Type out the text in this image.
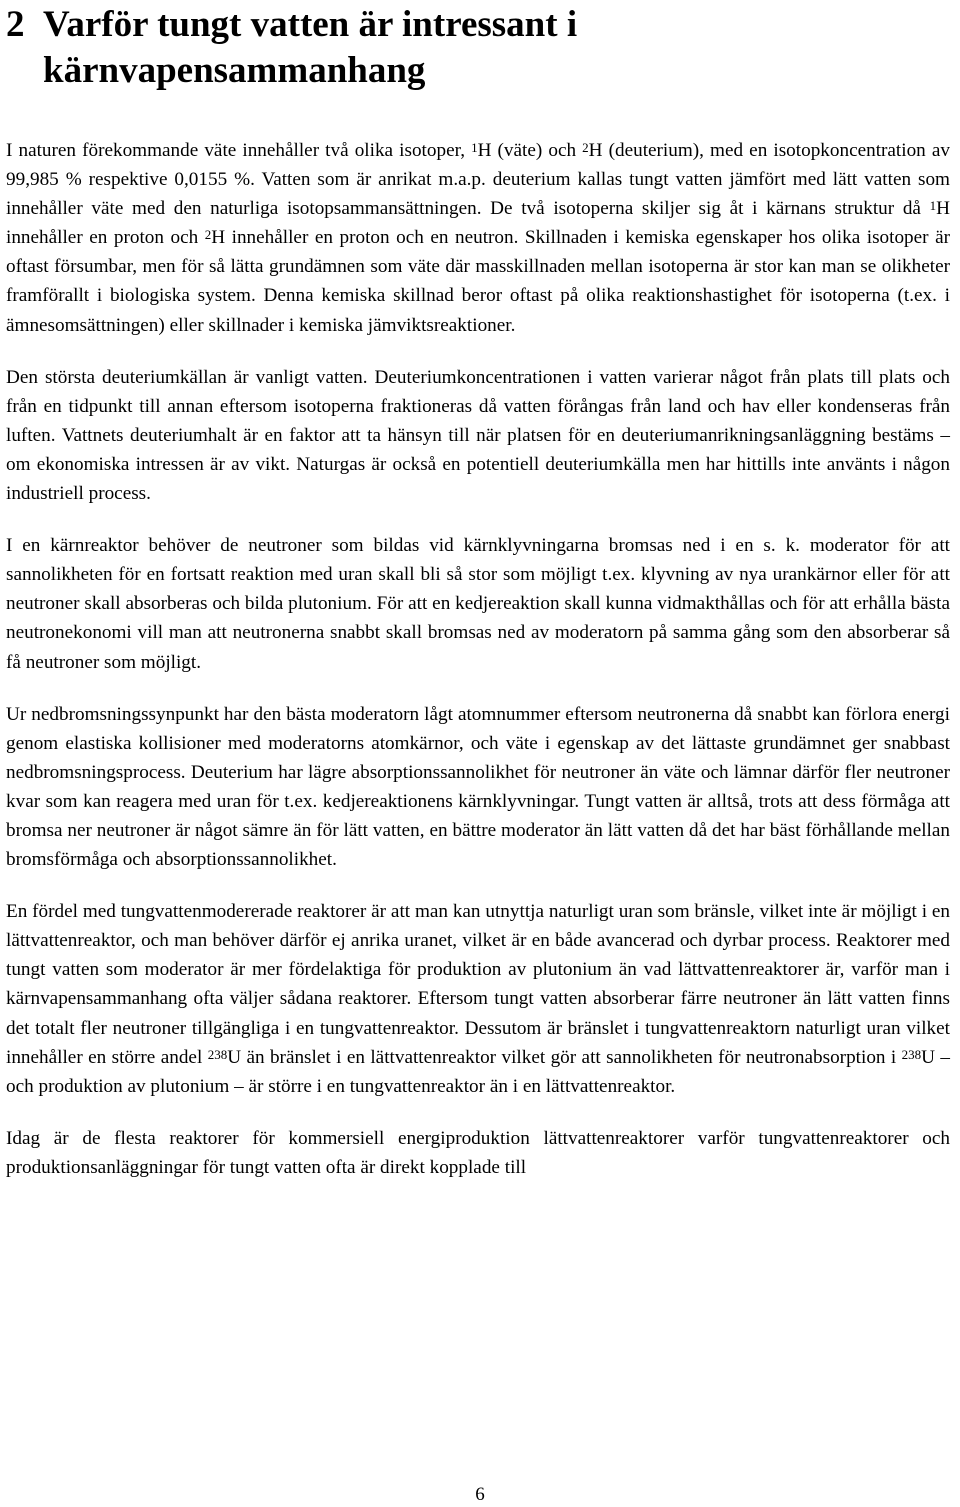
2 Varför tungt vatten är intressant i
kärnvapensammanhang

I naturen förekommande väte innehåller två olika isotoper, $^1$H (väte) och $^2$H (deuterium), med en isotopkoncentration av 99,985 % respektive 0,0155 %. Vatten som är anrikat m.a.p. deuterium kallas tungt vatten jämfört med lätt vatten som innehåller väte med den naturliga isotopsammansättningen. De två isotoperna skiljer sig åt i kärnans struktur då $^1$H innehåller en proton och $^2$H innehåller en proton och en neutron. Skillnaden i kemiska egenskaper hos olika isotoper är oftast försumbar, men för så lätta grundämnen som väte där masskillnaden mellan isotoperna är stor kan man se olikheter framförallt i biologiska system. Denna kemiska skillnad beror oftast på olika reaktionshastighet för isotoperna (t.ex. i ämnesomsättningen) eller skillnader i kemiska jämviktsreaktioner.

Den största deuteriumkällan är vanligt vatten. Deuteriumkoncentrationen i vatten varierar något från plats till plats och från en tidpunkt till annan eftersom isotoperna fraktioneras då vatten förångas från land och hav eller kondenseras från luften. Vattnets deuteriumhalt är en faktor att ta hänsyn till när platsen för en deuteriumanrikningsanläggning bestäms – om ekonomiska intressen är av vikt. Naturgas är också en potentiell deuteriumkälla men har hittills inte använts i någon industriell process.

I en kärnreaktor behöver de neutroner som bildas vid kärnklyvningarna bromsas ned i en s. k. moderator för att sannolikheten för en fortsatt reaktion med uran skall bli så stor som möjligt t.ex. klyvning av nya urankärnor eller för att neutroner skall absorberas och bilda plutonium. För att en kedjereaktion skall kunna vidmakthållas och för att erhålla bästa neutronekonomi vill man att neutronerna snabbt skall bromsas ned av moderatorn på samma gång som den absorberar så få neutroner som möjligt.

Ur nedbromsningssynpunkt har den bästa moderatorn lågt atomnummer eftersom neutronerna då snabbt kan förlora energi genom elastiska kollisioner med moderatorns atomkärnor, och väte i egenskap av det lättaste grundämnet ger snabbast nedbromsningsprocess. Deuterium har lägre absorptionssannolikhet för neutroner än väte och lämnar därför fler neutroner kvar som kan reagera med uran för t.ex. kedjereaktionens kärnklyvningar. Tungt vatten är alltså, trots att dess förmåga att bromsa ner neutroner är något sämre än för lätt vatten, en bättre moderator än lätt vatten då det har bäst förhållande mellan bromsförmåga och absorptionssannolikhet.

En fördel med tungvattenmodererade reaktorer är att man kan utnyttja naturligt uran som bränsle, vilket inte är möjligt i en lättvattenreaktor, och man behöver därför ej anrika uranet, vilket är en både avancerad och dyrbar process. Reaktorer med tungt vatten som moderator är mer fördelaktiga för produktion av plutonium än vad lättvattenreaktorer är, varför man i kärnvapensammanhang ofta väljer sådana reaktorer. Eftersom tungt vatten absorberar färre neutroner än lätt vatten finns det totalt fler neutroner tillgängliga i en tungvattenreaktor. Dessutom är bränslet i tungvattenreaktorn naturligt uran vilket innehåller en större andel $^{238}$U än bränslet i en lättvattenreaktor vilket gör att sannolikheten för neutronabsorption i $^{238}$U – och produktion av plutonium – är större i en tungvattenreaktor än i en lättvattenreaktor.

Idag är de flesta reaktorer för kommersiell energiproduktion lättvattenreaktorer varför tungvattenreaktorer och produktionsanläggningar för tungt vatten ofta är direkt kopplade till

6
